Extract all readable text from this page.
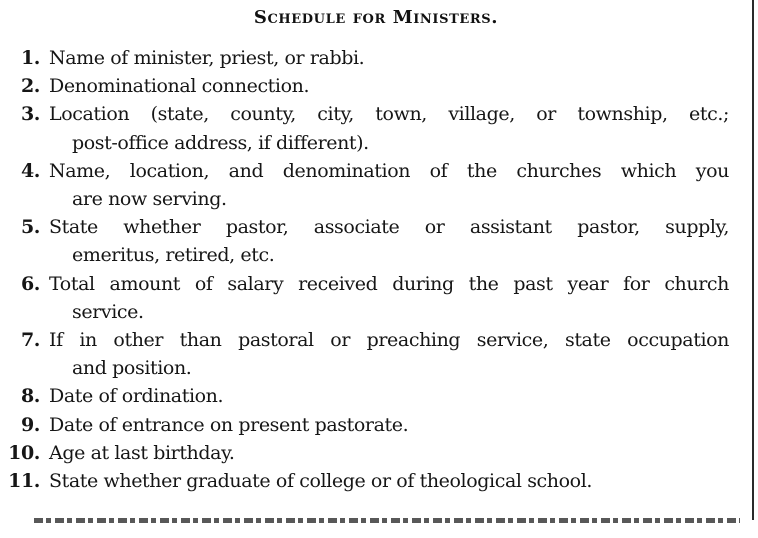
Schedule for Ministers.
1. Name of minister, priest, or rabbi.
2. Denominational connection.
3. Location (state, county, city, town, village, or township, etc.;
post-office address, if different).
4. Name, location, and denomination of the churches which you
are now serving.
5. State whether pastor, associate or assistant pastor, supply,
emeritus, retired, etc.
6. Total amount of salary received during the past year for church
service.
7. If in other than pastoral or preaching service, state occupation
and position.
8. Date of ordination.
9. Date of entrance on present pastorate.
10. Age at last birthday.
11. State whether graduate of college or of theological school.
